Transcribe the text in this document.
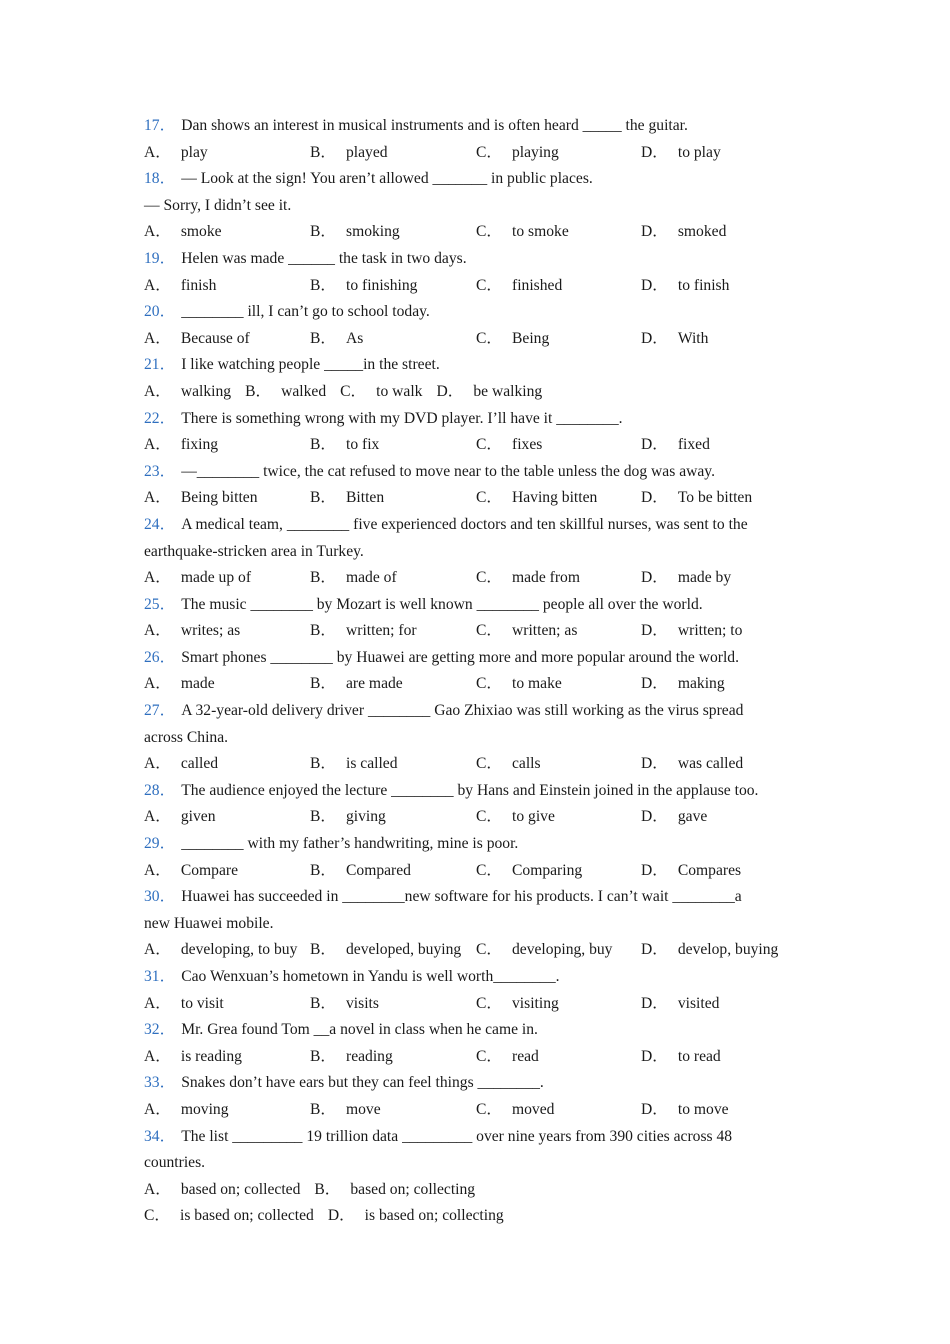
17． Dan shows an interest in musical instruments and is often heard _____ the guitar.
A． play	B． played	C． playing	D． to play
18． — Look at the sign! You aren’t allowed _______ in public places.
— Sorry, I didn’t see it.
A． smoke	B． smoking	C． to smoke	D． smoked
19． Helen was made ______ the task in two days.
A． finish	B． to finishing	C． finished	D． to finish
20． ________ ill, I can’t go to school today.
A． Because of	B． As	C． Being	D． With
21． I like watching people _____in the street.
A． walking B． walked C． to walk D． be walking
22． There is something wrong with my DVD player. I’ll have it ________.
A． fixing	B． to fix	C． fixes	D． fixed
23． —________ twice, the cat refused to move near to the table unless the dog was away.
A． Being bitten	B． Bitten	C． Having bitten	D． To be bitten
24． A medical team, ________ five experienced doctors and ten skillful nurses, was sent to the
earthquake-stricken area in Turkey.
A． made up of	B． made of	C． made from	D． made by
25． The music ________ by Mozart is well known ________ people all over the world.
A． writes; as	B． written; for	C． written; as	D． written; to
26． Smart phones ________ by Huawei are getting more and more popular around the world.
A． made	B． are made	C． to make	D． making
27． A 32-year-old delivery driver ________ Gao Zhixiao was still working as the virus spread
across China.
A． called	B． is called	C． calls	D． was called
28． The audience enjoyed the lecture ________ by Hans and Einstein joined in the applause too.
A． given	B． giving	C． to give	D． gave
29． ________ with my father’s handwriting, mine is poor.
A． Compare	B． Compared	C． Comparing	D． Compares
30． Huawei has succeeded in ________new software for his products. I can’t wait ________a
new Huawei mobile.
A． developing, to buy B． developed, buying C． developing, buy D． develop, buying
31． Cao Wenxuan’s hometown in Yandu is well worth________.
A． to visit	B． visits	C． visiting	D． visited
32． Mr. Grea found Tom __a novel in class when he came in.
A． is reading	B． reading	C． read	D． to read
33． Snakes don’t have ears but they can feel things ________.
A． moving	B． move	C． moved	D． to move
34． The list _________ 19 trillion data _________ over nine years from 390 cities across 48
countries.
A． based on; collected B． based on; collecting
C． is based on; collected D． is based on; collecting
